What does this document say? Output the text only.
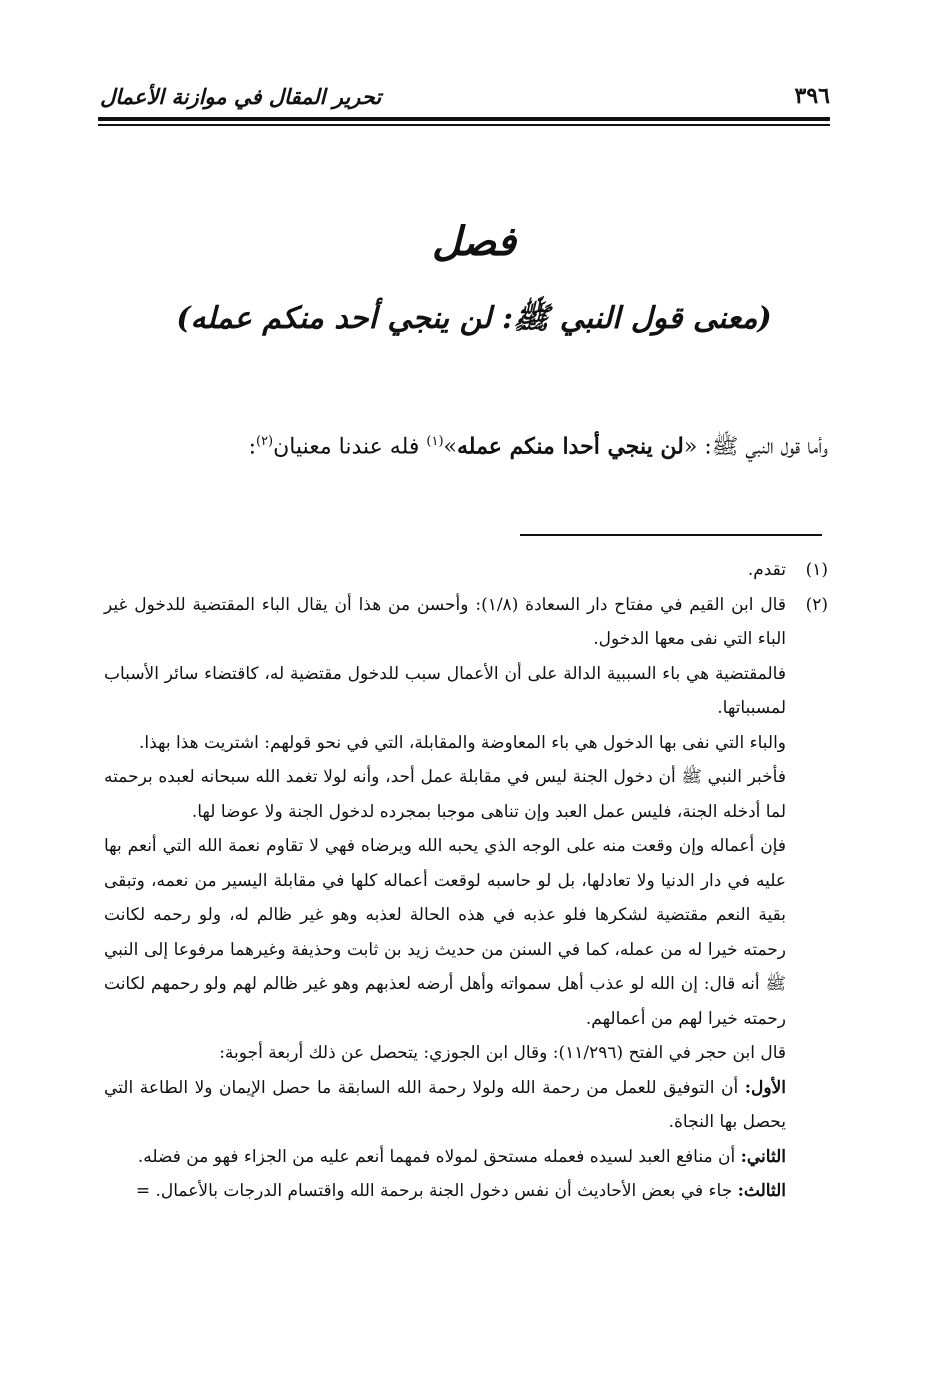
٣٩٦
تحرير المقال في موازنة الأعمال
فصل
(معنى قول النبي ﷺ: لن ينجي أحد منكم عمله)
وأما قول النبي ﷺ: «لن ينجي أحدا منكم عمله»$^{(١)}$ فله عندنا معنيان$^{(٢)}$:
(١)
تقدم.
(٢)

قال ابن القيم في مفتاح دار السعادة (١/٨): وأحسن من هذا أن يقال الباء المقتضية للدخول غير الباء التي نفى معها الدخول.

فالمقتضية هي باء السببية الدالة على أن الأعمال سبب للدخول مقتضية له، كاقتضاء سائر الأسباب لمسبباتها.

والباء التي نفى بها الدخول هي باء المعاوضة والمقابلة، التي في نحو قولهم: اشتريت هذا بهذا.

فأخبر النبي ﷺ أن دخول الجنة ليس في مقابلة عمل أحد، وأنه لولا تغمد الله سبحانه لعبده برحمته لما أدخله الجنة، فليس عمل العبد وإن تناهى موجبا بمجرده لدخول الجنة ولا عوضا لها.

فإن أعماله وإن وقعت منه على الوجه الذي يحبه الله ويرضاه فهي لا تقاوم نعمة الله التي أنعم بها عليه في دار الدنيا ولا تعادلها، بل لو حاسبه لوقعت أعماله كلها في مقابلة اليسير من نعمه، وتبقى بقية النعم مقتضية لشكرها فلو عذبه في هذه الحالة لعذبه وهو غير ظالم له، ولو رحمه لكانت رحمته خيرا له من عمله، كما في السنن من حديث زيد بن ثابت وحذيفة وغيرهما مرفوعا إلى النبي ﷺ أنه قال: إن الله لو عذب أهل سمواته وأهل أرضه لعذبهم وهو غير ظالم لهم ولو رحمهم لكانت رحمته خيرا لهم من أعمالهم.

قال ابن حجر في الفتح (١١/٢٩٦): وقال ابن الجوزي: يتحصل عن ذلك أربعة أجوبة:

الأول: أن التوفيق للعمل من رحمة الله ولولا رحمة الله السابقة ما حصل الإيمان ولا الطاعة التي يحصل بها النجاة.

الثاني: أن منافع العبد لسيده فعمله مستحق لمولاه فمهما أنعم عليه من الجزاء فهو من فضله.

الثالث: جاء في بعض الأحاديث أن نفس دخول الجنة برحمة الله واقتسام الدرجات بالأعمال. =
